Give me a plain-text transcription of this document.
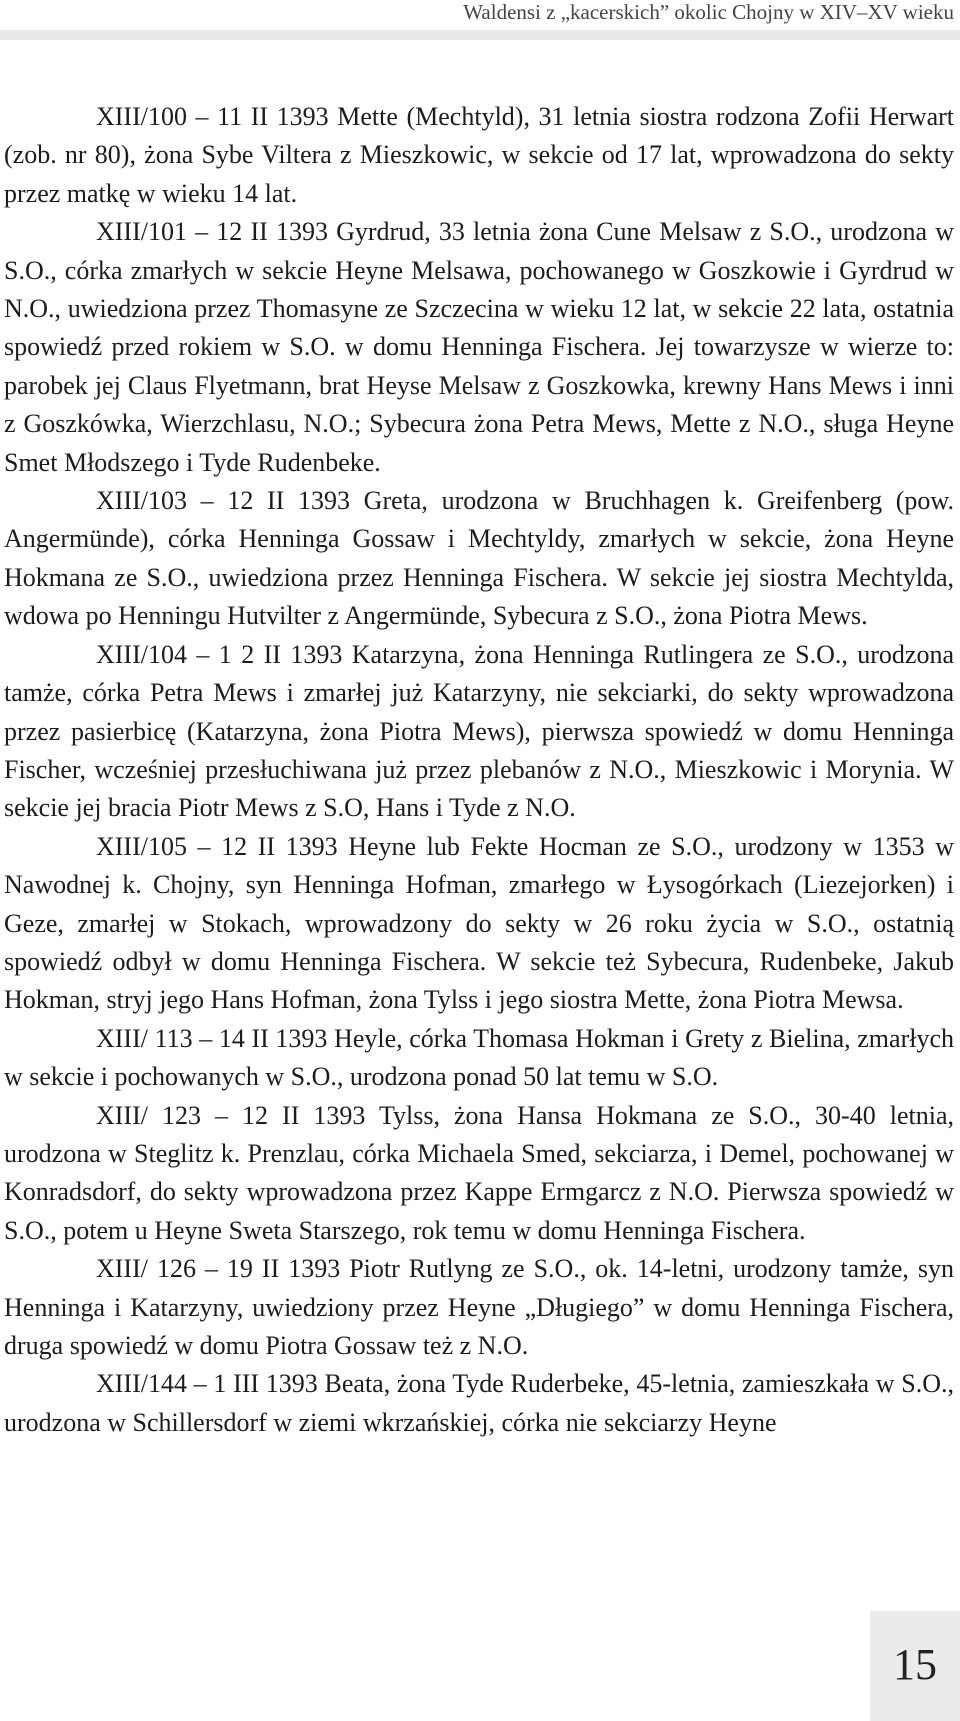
Waldensi z „kacerskich” okolic Chojny w XIV–XV wieku

XIII/100 – 11 II 1393 Mette (Mechtyld), 31 letnia siostra rodzona Zofii Herwart (zob. nr 80), żona Sybe Viltera z Mieszkowic, w sekcie od 17 lat, wprowadzona do sekty przez matkę w wieku 14 lat.

XIII/101 – 12 II 1393 Gyrdrud, 33 letnia żona Cune Melsaw z S.O., urodzona w S.O., córka zmarłych w sekcie Heyne Melsawa, pochowanego w Goszkowie i Gyrdrud w N.O., uwiedziona przez Thomasyne ze Szczecina w wieku 12 lat, w sekcie 22 lata, ostatnia spowiedź przed rokiem w S.O. w domu Henninga Fischera. Jej towarzysze w wierze to: parobek jej Claus Flyetmann, brat Heyse Melsaw z Goszkowka, krewny Hans Mews i inni z Goszkówka, Wierzchlasu, N.O.; Sybecura żona Petra Mews, Mette z N.O., sługa Heyne Smet Młodszego i Tyde Rudenbeke.

XIII/103 – 12 II 1393 Greta, urodzona w Bruchhagen k. Greifenberg (pow. Angermünde), córka Henninga Gossaw i Mechtyldy, zmarłych w sekcie, żona Heyne Hokmana ze S.O., uwiedziona przez Henninga Fischera. W sekcie jej siostra Mechtylda, wdowa po Henningu Hutvilter z Angermünde, Sybecura z S.O., żona Piotra Mews.

XIII/104 – 1 2 II 1393 Katarzyna, żona Henninga Rutlingera ze S.O., urodzona tamże, córka Petra Mews i zmarłej już Katarzyny, nie sekciarki, do sekty wprowadzona przez pasierbicę (Katarzyna, żona Piotra Mews), pierwsza spowiedź w domu Henninga Fischer, wcześniej przesłuchiwana już przez plebanów z N.O., Mieszkowic i Morynia. W sekcie jej bracia Piotr Mews z S.O, Hans i Tyde z N.O.

XIII/105 – 12 II 1393 Heyne lub Fekte Hocman ze S.O., urodzony w 1353 w Nawodnej k. Chojny, syn Henninga Hofman, zmarłego w Łysogórkach (Liezejorken) i Geze, zmarłej w Stokach, wprowadzony do sekty w 26 roku życia w S.O., ostatnią spowiedź odbył w domu Henninga Fischera. W sekcie też Sybecura, Rudenbeke, Jakub Hokman, stryj jego Hans Hofman, żona Tylss i jego siostra Mette, żona Piotra Mewsa.

XIII/ 113 – 14 II 1393 Heyle, córka Thomasa Hokman i Grety z Bielina, zmarłych w sekcie i pochowanych w S.O., urodzona ponad 50 lat temu w S.O.

XIII/ 123 – 12 II 1393 Tylss, żona Hansa Hokmana ze S.O., 30-40 letnia, urodzona w Steglitz k. Prenzlau, córka Michaela Smed, sekciarza, i Demel, pochowanej w Konradsdorf, do sekty wprowadzona przez Kappe Ermgarcz z N.O. Pierwsza spowiedź w S.O., potem u Heyne Sweta Starszego, rok temu w domu Henninga Fischera.

XIII/ 126 – 19 II 1393 Piotr Rutlyng ze S.O., ok. 14-letni, urodzony tamże, syn Henninga i Katarzyny, uwiedziony przez Heyne „Długiego” w domu Henninga Fischera, druga spowiedź w domu Piotra Gossaw też z N.O.

XIII/144 – 1 III 1393 Beata, żona Tyde Ruderbeke, 45-letnia, zamieszkała w S.O., urodzona w Schillersdorf w ziemi wkrzańskiej, córka nie sekciarzy Heyne

15
